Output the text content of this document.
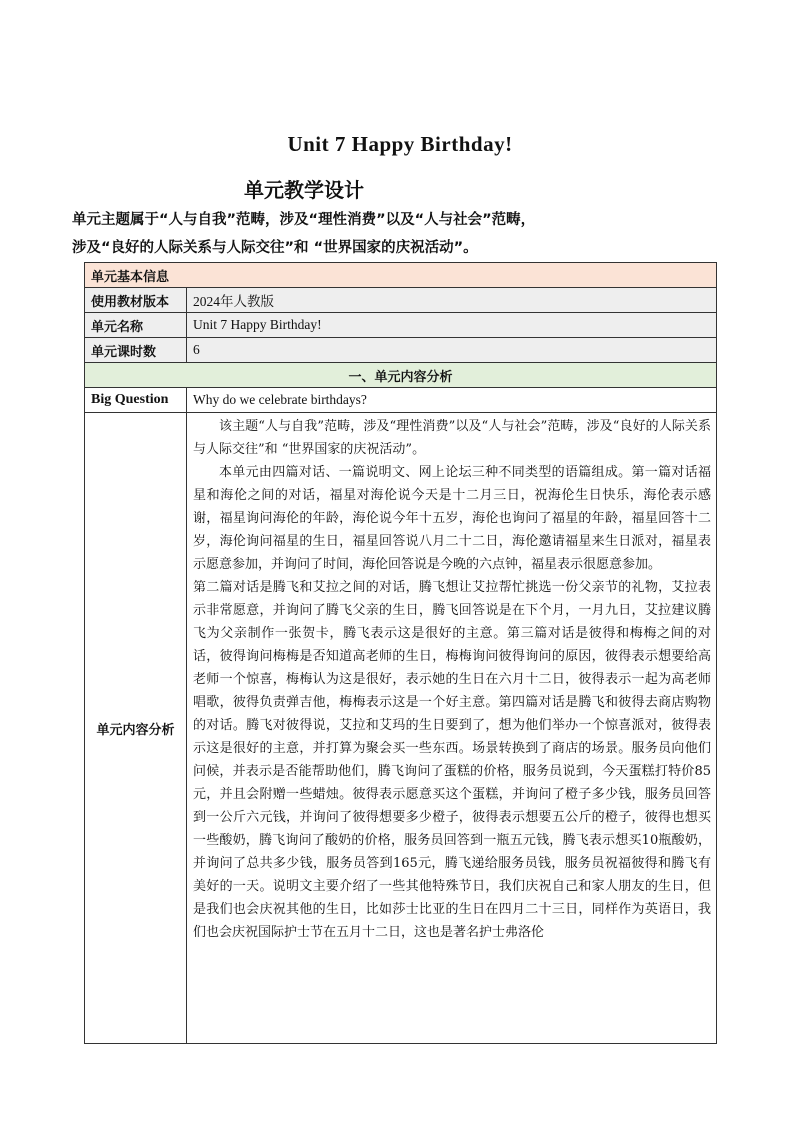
Unit 7 Happy Birthday!
单元教学设计

单元主题属于“人与自我”范畴，涉及“理性消费”以及“人与社会”范畴，

涉及“良好的人际关系与人际交往”和 “世界国家的庆祝活动”。

单元基本信息	
使用教材版本	2024年人教版
单元名称	Unit 7 Happy Birthday!
单元课时数	6
一、单元内容分析	
Big Question	Why do we celebrate birthdays?
单元内容分析	该主题“人与自我”范畴，涉及“理性消费”以及“人与社会”范畴，涉及“良好的人际关系与人际交往”和 “世界国家的庆祝活动”。

本单元由四篇对话、一篇说明文、网上论坛三种不同类型的语篇组成。第一篇对话福星和海伦之间的对话，福星对海伦说今天是十二月三日，祝海伦生日快乐，海伦表示感谢，福星询问海伦的年龄，海伦说今年十五岁，海伦也询问了福星的年龄，福星回答十二岁，海伦询问福星的生日，福星回答说八月二十二日，海伦邀请福星来生日派对，福星表示愿意参加，并询问了时间，海伦回答说是今晚的六点钟，福星表示很愿意参加。

第二篇对话是腾飞和艾拉之间的对话，腾飞想让艾拉帮忙挑选一份父亲节的礼物，艾拉表示非常愿意，并询问了腾飞父亲的生日，腾飞回答说是在下个月，一月九日，艾拉建议腾飞为父亲制作一张贺卡，腾飞表示这是很好的主意。第三篇对话是彼得和梅梅之间的对话，彼得询问梅梅是否知道高老师的生日，梅梅询问彼得询问的原因，彼得表示想要给高老师一个惊喜，梅梅认为这是很好，表示她的生日在六月十二日，彼得表示一起为高老师唱歌，彼得负责弹吉他，梅梅表示这是一个好主意。第四篇对话是腾飞和彼得去商店购物的对话。腾飞对彼得说，艾拉和艾玛的生日要到了，想为他们举办一个惊喜派对，彼得表示这是很好的主意，并打算为聚会买一些东西。场景转换到了商店的场景。服务员向他们问候，并表示是否能帮助他们，腾飞询问了蛋糕的价格，服务员说到，今天蛋糕打特价85元，并且会附赠一些蜡烛。彼得表示愿意买这个蛋糕，并询问了橙子多少钱，服务员回答到一公斤六元钱，并询问了彼得想要多少橙子，彼得表示想要五公斤的橙子，彼得也想买一些酸奶，腾飞询问了酸奶的价格，服务员回答到一瓶五元钱，腾飞表示想买10瓶酸奶，并询问了总共多少钱，服务员答到165元，腾飞递给服务员钱，服务员祝福彼得和腾飞有美好的一天。说明文主要介绍了一些其他特殊节日，我们庆祝自己和家人朋友的生日，但是我们也会庆祝其他的生日，比如莎士比亚的生日在四月二十三日，同样作为英语日，我们也会庆祝国际护士节在五月十二日，这也是著名护士弗洛伦
